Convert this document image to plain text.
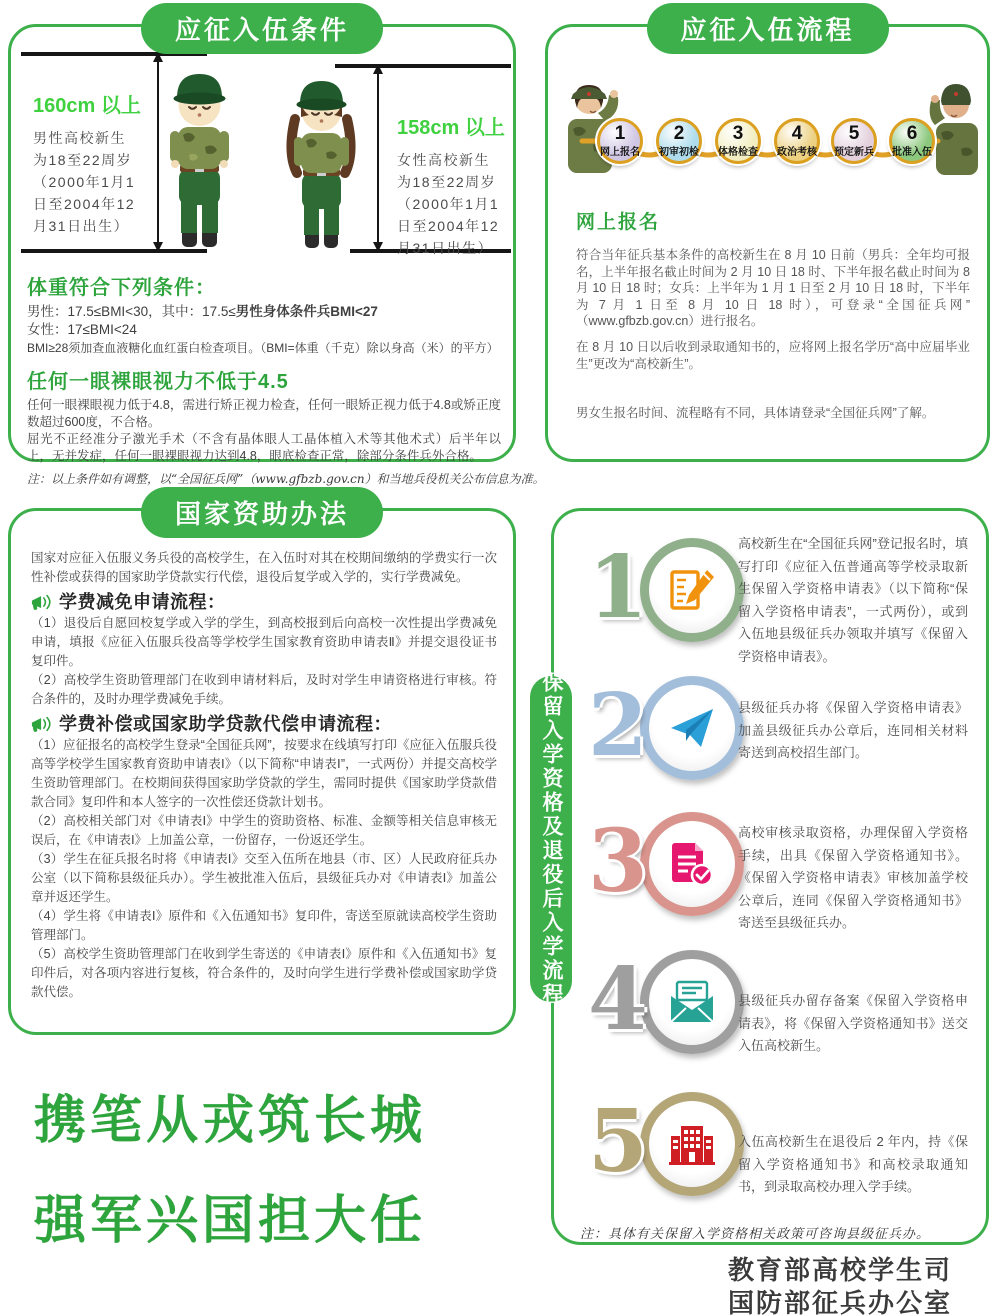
应征入伍条件
160cm 以上
男性高校新生
为18至22周岁
（2000年1月1
日至2004年12
月31日出生）
158cm 以上
女性高校新生
为18至22周岁
（2000年1月1
日至2004年12
月31日出生）
体重符合下列条件：
男性：17.5≤BMI<30，其中：17.5≤男性身体条件兵BMI<27
女性：17≤BMI<24
BMI≥28须加查血液糖化血红蛋白检查项目。（BMI=体重（千克）除以身高（米）的平方）
任何一眼裸眼视力不低于4.5
任何一眼裸眼视力低于4.8，需进行矫正视力检查，任何一眼矫正视力低于4.8或矫正度数超过600度，不合格。
屈光不正经准分子激光手术（不含有晶体眼人工晶体植入术等其他术式）后半年以上，无并发症，任何一眼裸眼视力达到4.8，眼底检查正常，除部分条件兵外合格。
注：以上条件如有调整，以“全国征兵网”（www.gfbzb.gov.cn）和当地兵役机关公布信息为准。
应征入伍流程
1
网上报名
2
初审初检
3
体格检查
4
政治考核
5
预定新兵
6
批准入伍
网上报名

符合当年征兵基本条件的高校新生在 8 月 10 日前（男兵：全年均可报名，上半年报名截止时间为 2 月 10 日 18 时、下半年报名截止时间为 8 月 10 日 18 时；女兵：上半年为 1 月 1 日至 2 月 10 日 18 时，下半年为 7 月 1 日至 8 月 10 日 18 时），可登录“全国征兵网” （www.gfbzb.gov.cn）进行报名。

在 8 月 10 日以后收到录取通知书的，应将网上报名学历“高中应届毕业生”更改为“高校新生”。

男女生报名时间、流程略有不同，具体请登录“全国征兵网”了解。

国家资助办法

国家对应征入伍服义务兵役的高校学生，在入伍时对其在校期间缴纳的学费实行一次性补偿或获得的国家助学贷款实行代偿，退役后复学或入学的，实行学费减免。

学费减免申请流程：

（1）退役后自愿回校复学或入学的学生，到高校报到后向高校一次性提出学费减免申请，填报《应征入伍服兵役高等学校学生国家教育资助申请表Ⅱ》并提交退役证书复印件。

（2）高校学生资助管理部门在收到申请材料后，及时对学生申请资格进行审核。符合条件的，及时办理学费减免手续。

学费补偿或国家助学贷款代偿申请流程：

（1）应征报名的高校学生登录“全国征兵网”，按要求在线填写打印《应征入伍服兵役高等学校学生国家教育资助申请表Ⅰ》（以下简称“申请表Ⅰ”，一式两份）并提交高校学生资助管理部门。在校期间获得国家助学贷款的学生，需同时提供《国家助学贷款借款合同》复印件和本人签字的一次性偿还贷款计划书。

（2）高校相关部门对《申请表Ⅰ》中学生的资助资格、标准、金额等相关信息审核无误后，在《申请表Ⅰ》上加盖公章，一份留存，一份返还学生。

（3）学生在征兵报名时将《申请表Ⅰ》交至入伍所在地县（市、区）人民政府征兵办公室（以下简称县级征兵办）。学生被批准入伍后，县级征兵办对《申请表Ⅰ》加盖公章并返还学生。

（4）学生将《申请表Ⅰ》原件和《入伍通知书》复印件，寄送至原就读高校学生资助管理部门。

（5）高校学生资助管理部门在收到学生寄送的《申请表Ⅰ》原件和《入伍通知书》复印件后，对各项内容进行复核，符合条件的，及时向学生进行学费补偿或国家助学贷款代偿。

1	高校新生在“全国征兵网”登记报名时，填写打印《应征入伍普通高等学校录取新生保留入学资格申请表》（以下简称“保留入学资格申请表”，一式两份），或到入伍地县级征兵办领取并填写《保留入学资格申请表》。
2	县级征兵办将《保留入学资格申请表》加盖县级征兵办公章后，连同相关材料寄送到高校招生部门。
3	高校审核录取资格，办理保留入学资格手续，出具《保留入学资格通知书》。《保留入学资格申请表》审核加盖学校公章后，连同《保留入学资格通知书》寄送至县级征兵办。
4	县级征兵办留存备案《保留入学资格申请表》，将《保留入学资格通知书》送交入伍高校新生。
5	入伍高校新生在退役后 2 年内，持《保留入学资格通知书》和高校录取通知书，到录取高校办理入学手续。
注：具体有关保留入学资格相关政策可咨询县级征兵办。
保留入学资格及退役后入学流程
携笔从戎筑长城
强军兴国担大任
教育部高校学生司
国防部征兵办公室
